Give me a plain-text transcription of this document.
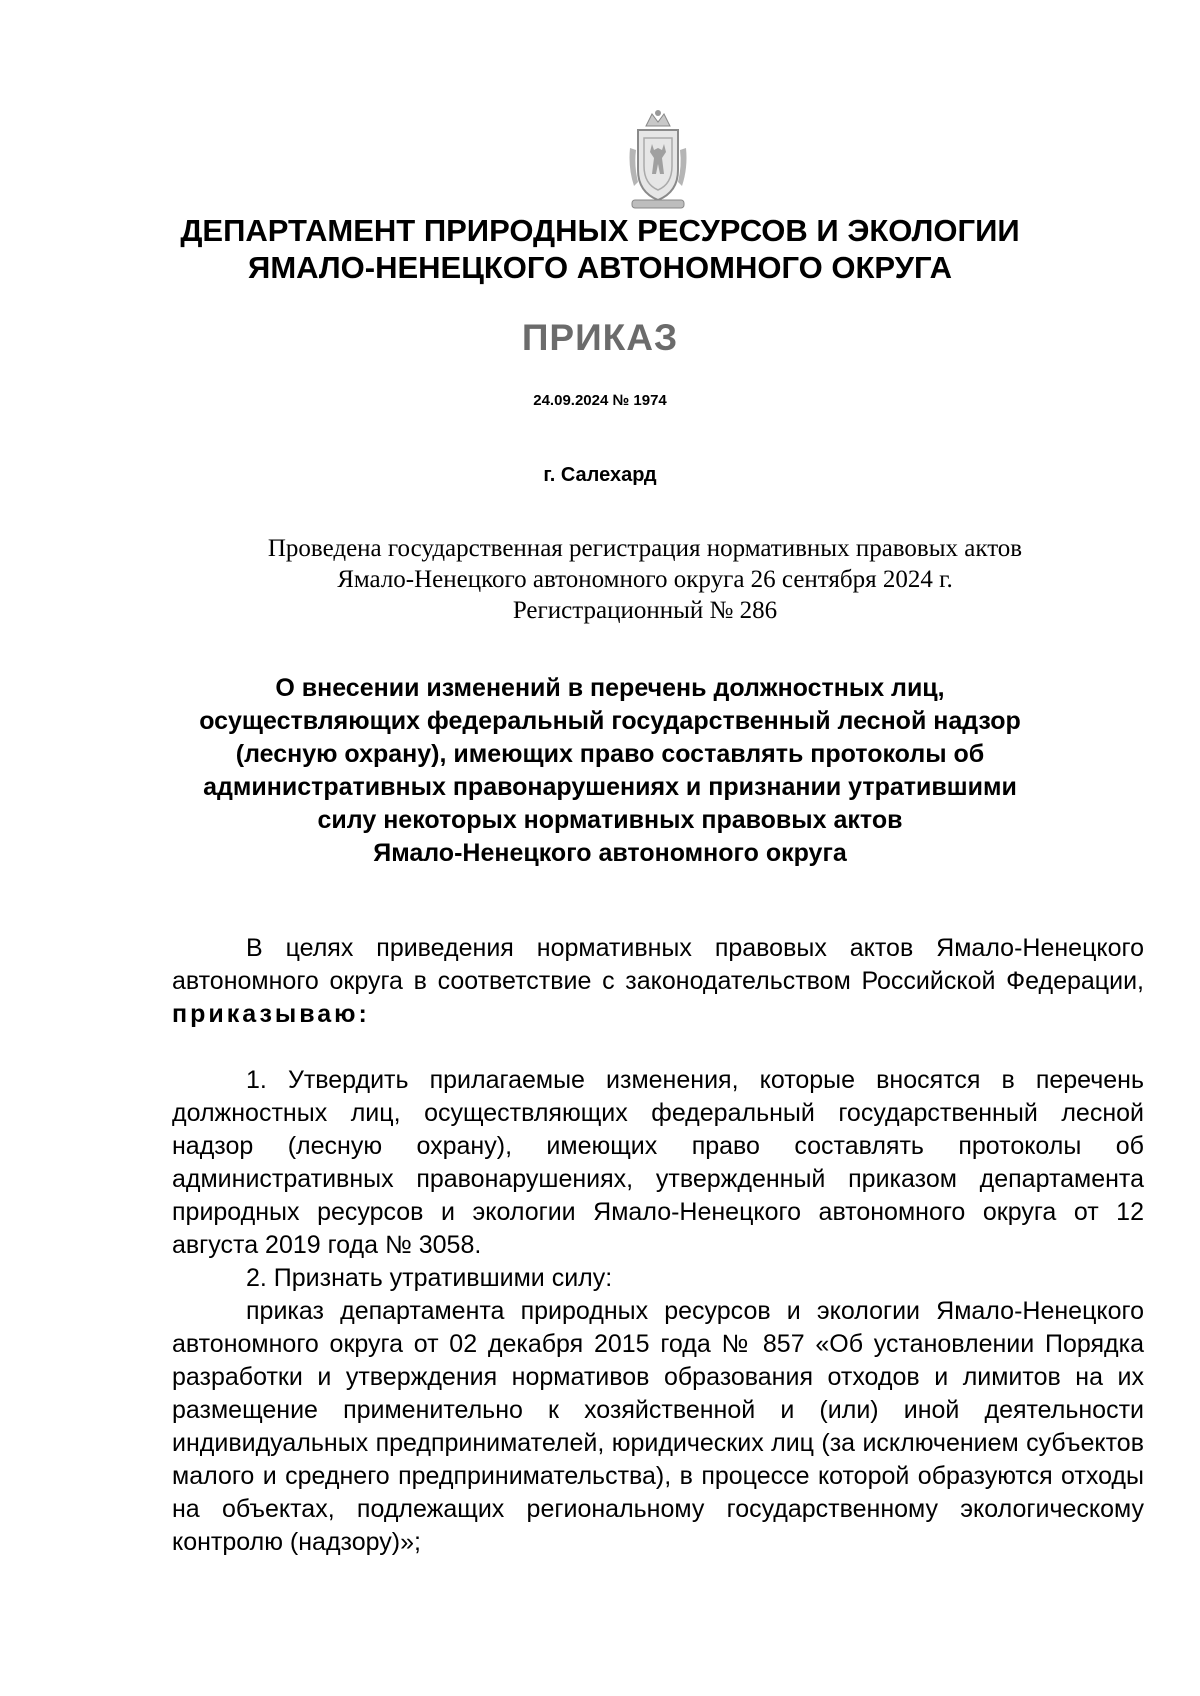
ДЕПАРТАМЕНТ ПРИРОДНЫХ РЕСУРСОВ И ЭКОЛОГИИ
ЯМАЛО-НЕНЕЦКОГО АВТОНОМНОГО ОКРУГА
ПРИКАЗ
24.09.2024 № 1974
г. Салехард
Проведена государственная регистрация нормативных правовых актов
Ямало-Ненецкого автономного округа 26 сентября 2024 г.
Регистрационный № 286
О внесении изменений в перечень должностных лиц,
осуществляющих федеральный государственный лесной надзор
(лесную охрану), имеющих право составлять протоколы об
административных правонарушениях и признании утратившими
силу некоторых нормативных правовых актов
Ямало-Ненецкого автономного округа

В целях приведения нормативных правовых актов Ямало-Ненецкого автономного округа в соответствие с законодательством Российской Федерации, приказываю:

1. Утвердить прилагаемые изменения, которые вносятся в перечень должностных лиц, осуществляющих федеральный государственный лесной надзор (лесную охрану), имеющих право составлять протоколы об административных правонарушениях, утвержденный приказом департамента природных ресурсов и экологии Ямало-Ненецкого автономного округа от 12 августа 2019 года № 3058.

2. Признать утратившими силу:

приказ департамента природных ресурсов и экологии Ямало-Ненецкого автономного округа от 02 декабря 2015 года № 857 «Об установлении Порядка разработки и утверждения нормативов образования отходов и лимитов на их размещение применительно к хозяйственной и (или) иной деятельности индивидуальных предпринимателей, юридических лиц (за исключением субъектов малого и среднего предпринимательства), в процессе которой образуются отходы на объектах, подлежащих региональному государственному экологическому контролю (надзору)»;
